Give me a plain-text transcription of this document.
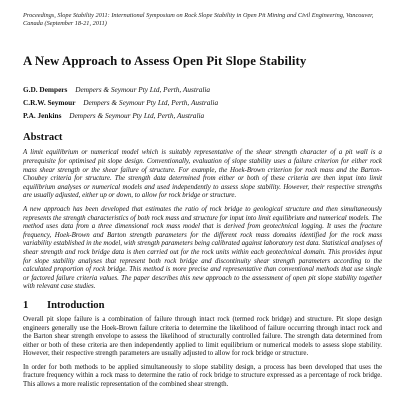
Proceedings, Slope Stability 2011: International Symposium on Rock Slope Stability in Open Pit Mining and Civil Engineering, Vancouver, Canada (September 18-21, 2011)
A New Approach to Assess Open Pit Slope Stability
G.D. Dempers Dempers & Seymour Pty Ltd, Perth, Australia
C.R.W. Seymour Dempers & Seymour Pty Ltd, Perth, Australia
P.A. Jenkins Dempers & Seymour Pty Ltd, Perth, Australia
Abstract

A limit equilibrium or numerical model which is suitably representative of the shear strength character of a pit wall is a prerequisite for optimised pit slope design. Conventionally, evaluation of slope stability uses a failure criterion for either rock mass shear strength or the shear failure of structure. For example, the Hoek-Brown criterion for rock mass and the Barton-Choubey criteria for structure. The strength data determined from either or both of these criteria are then input into limit equilibrium analyses or numerical models and used independently to assess slope stability. However, their respective strengths are usually adjusted, either up or down, to allow for rock bridge or structure.

A new approach has been developed that estimates the ratio of rock bridge to geological structure and then simultaneously represents the strength characteristics of both rock mass and structure for input into limit equilibrium and numerical models. The method uses data from a three dimensional rock mass model that is derived from geotechnical logging. It uses the fracture frequency, Hoek-Brown and Barton strength parameters for the different rock mass domains identified for the rock mass variability established in the model, with strength parameters being calibrated against laboratory test data. Statistical analyses of shear strength and rock bridge data is then carried out for the rock units within each geotechnical domain. This provides input for slope stability analyses that represent both rock bridge and discontinuity shear strength parameters according to the calculated proportion of rock bridge. This method is more precise and representative than conventional methods that use single or factored failure criteria values. The paper describes this new approach to the assessment of open pit slope stability together with relevant case studies.

1	Introduction

Overall pit slope failure is a combination of failure through intact rock (termed rock bridge) and structure. Pit slope design engineers generally use the Hoek-Brown failure criteria to determine the likelihood of failure occurring through intact rock and the Barton shear strength envelope to assess the likelihood of structurally controlled failure. The strength data determined from either or both of these criteria are then independently applied to limit equilibrium or numerical models to assess slope stability. However, their respective strength parameters are usually adjusted to allow for rock bridge or structure.

In order for both methods to be applied simultaneously to slope stability design, a process has been developed that uses the fracture frequency within a rock mass to determine the ratio of rock bridge to structure expressed as a percentage of rock bridge. This allows a more realistic representation of the combined shear strength.
